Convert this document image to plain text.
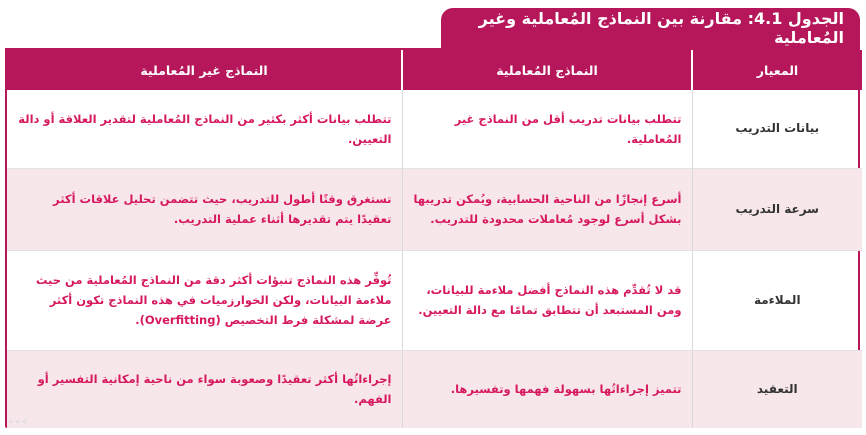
الجدول 4.1: مقارنة بين النماذج المُعاملية وغير المُعاملية
المعيار	النماذج المُعاملية	النماذج غير المُعاملية
بيانات التدريب	تتطلب بيانات تدريب أقل من النماذج غير المُعاملية.	تتطلب بيانات أكثر بكثير من النماذج المُعاملية لتقدير العلاقة أو دالة التعيين.
سرعة التدريب	أسرع إنجازًا من الناحية الحسابية، ويُمكن تدريبها بشكل أسرع لوجود مُعاملات محدودة للتدريب.	تستغرق وقتًا أطول للتدريب، حيث تتضمن تحليل علاقات أكثر تعقيدًا يتم تقديرها أثناء عملية التدريب.
الملاءمة	قد لا تُقدِّم هذه النماذج أفضل ملاءمة للبيانات، ومن المستبعد أن تتطابق تمامًا مع دالة التعيين.	تُوفِّر هذه النماذج تنبؤات أكثر دقة من النماذج المُعاملية من حيث ملاءمة البيانات، ولكن الخوارزميات في هذه النماذج تكون أكثر عرضة لمشكلة فرط التخصيص (Overfitting).
التعقيد	تتميز إجراءاتُها بسهولة فهمها وتفسيرها.	إجراءاتُها أكثر تعقيدًا وصعوبة سواء من ناحية إمكانية التفسير أو الفهم.
⁘⁘⁘
